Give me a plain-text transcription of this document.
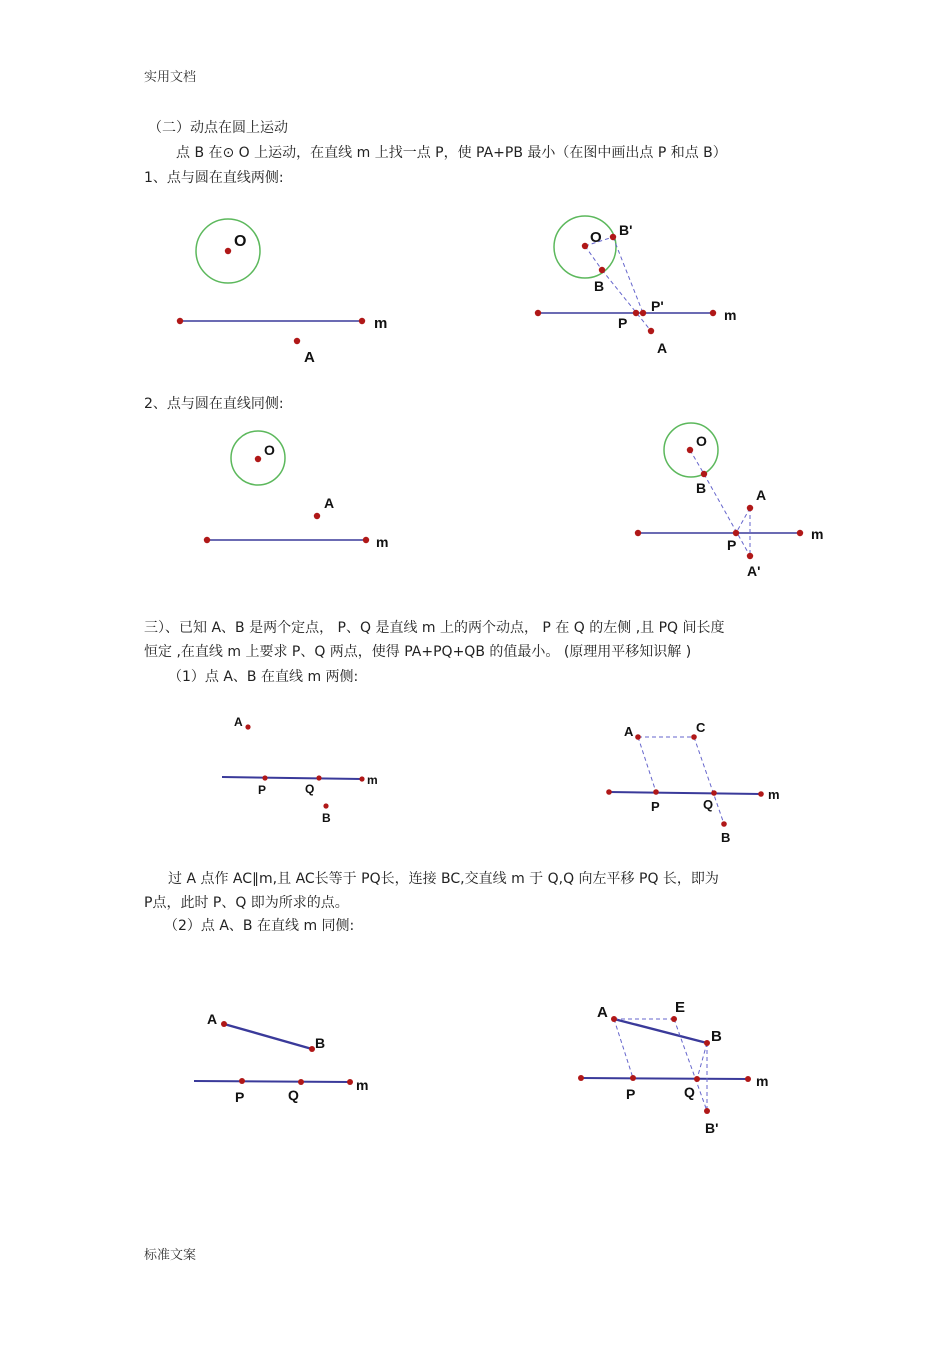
实用文档
（二）动点在圆上运动
点 B 在⊙ O 上运动，在直线 m 上找一点 P，使 PA+PB 最小（在图中画出点 P 和点 B）
1、点与圆在直线两侧:
2、点与圆在直线同侧:
三）、已知 A、B 是两个定点， P、Q 是直线 m 上的两个动点， P 在 Q 的左侧 ,且 PQ 间长度
恒定 ,在直线 m 上要求 P、Q 两点，使得 PA+PQ+QB 的值最小。 (原理用平移知识解 )
（1）点 A、B 在直线 m 两侧:
过 A 点作 AC∥m,且 AC长等于 PQ长，连接 BC,交直线 m 于 Q,Q 向左平移 PQ 长，即为
P点，此时 P、Q 即为所求的点。
（2）点 A、B 在直线 m 同侧:
标准文案
O
m
A
O B'
B
P'
P	m
A
O
A
m
O
B	A
P
m
A'
A
P	Q
m
B
A	C
P	Q
m
B
A
B
P	Q
m
A	E
B
P	Q
m
B'
